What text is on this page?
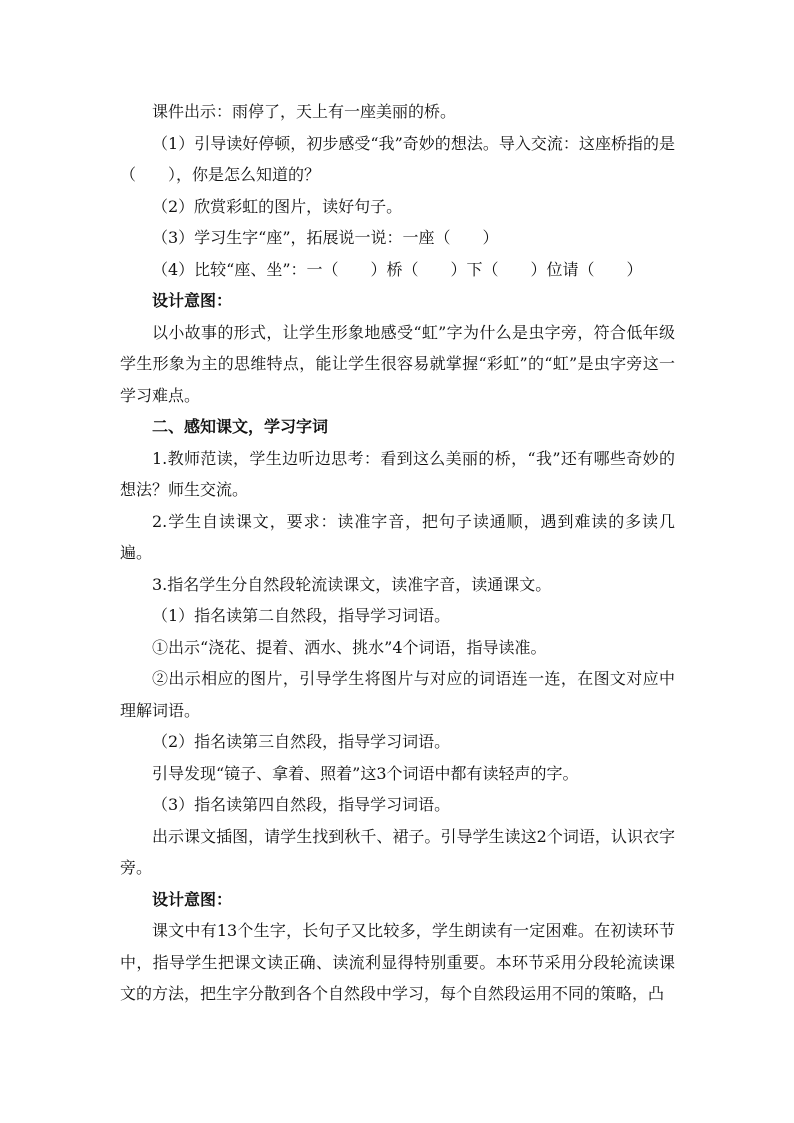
课件出示：雨停了，天上有一座美丽的桥。

（1）引导读好停顿，初步感受“我”奇妙的想法。导入交流：这座桥指的是（　　），你是怎么知道的？

（2）欣赏彩虹的图片，读好句子。

（3）学习生字“座”，拓展说一说：一座（　　）

（4）比较“座、坐”：一（　　）桥（　　）下（　　）位请（　　）

设计意图：

以小故事的形式，让学生形象地感受“虹”字为什么是虫字旁，符合低年级学生形象为主的思维特点，能让学生很容易就掌握“彩虹”的“虹”是虫字旁这一学习难点。

二、感知课文，学习字词

1.教师范读，学生边听边思考：看到这么美丽的桥，“我”还有哪些奇妙的想法？师生交流。

2.学生自读课文，要求：读准字音，把句子读通顺，遇到难读的多读几遍。

3.指名学生分自然段轮流读课文，读准字音，读通课文。

（1）指名读第二自然段，指导学习词语。

①出示“浇花、提着、洒水、挑水”4个词语，指导读准。

②出示相应的图片，引导学生将图片与对应的词语连一连，在图文对应中理解词语。

（2）指名读第三自然段，指导学习词语。

引导发现“镜子、拿着、照着”这3个词语中都有读轻声的字。

（3）指名读第四自然段，指导学习词语。

出示课文插图，请学生找到秋千、裙子。引导学生读这2个词语，认识衣字旁。

设计意图：

课文中有13个生字，长句子又比较多，学生朗读有一定困难。在初读环节中，指导学生把课文读正确、读流利显得特别重要。本环节采用分段轮流读课文的方法，把生字分散到各个自然段中学习，每个自然段运用不同的策略，凸
